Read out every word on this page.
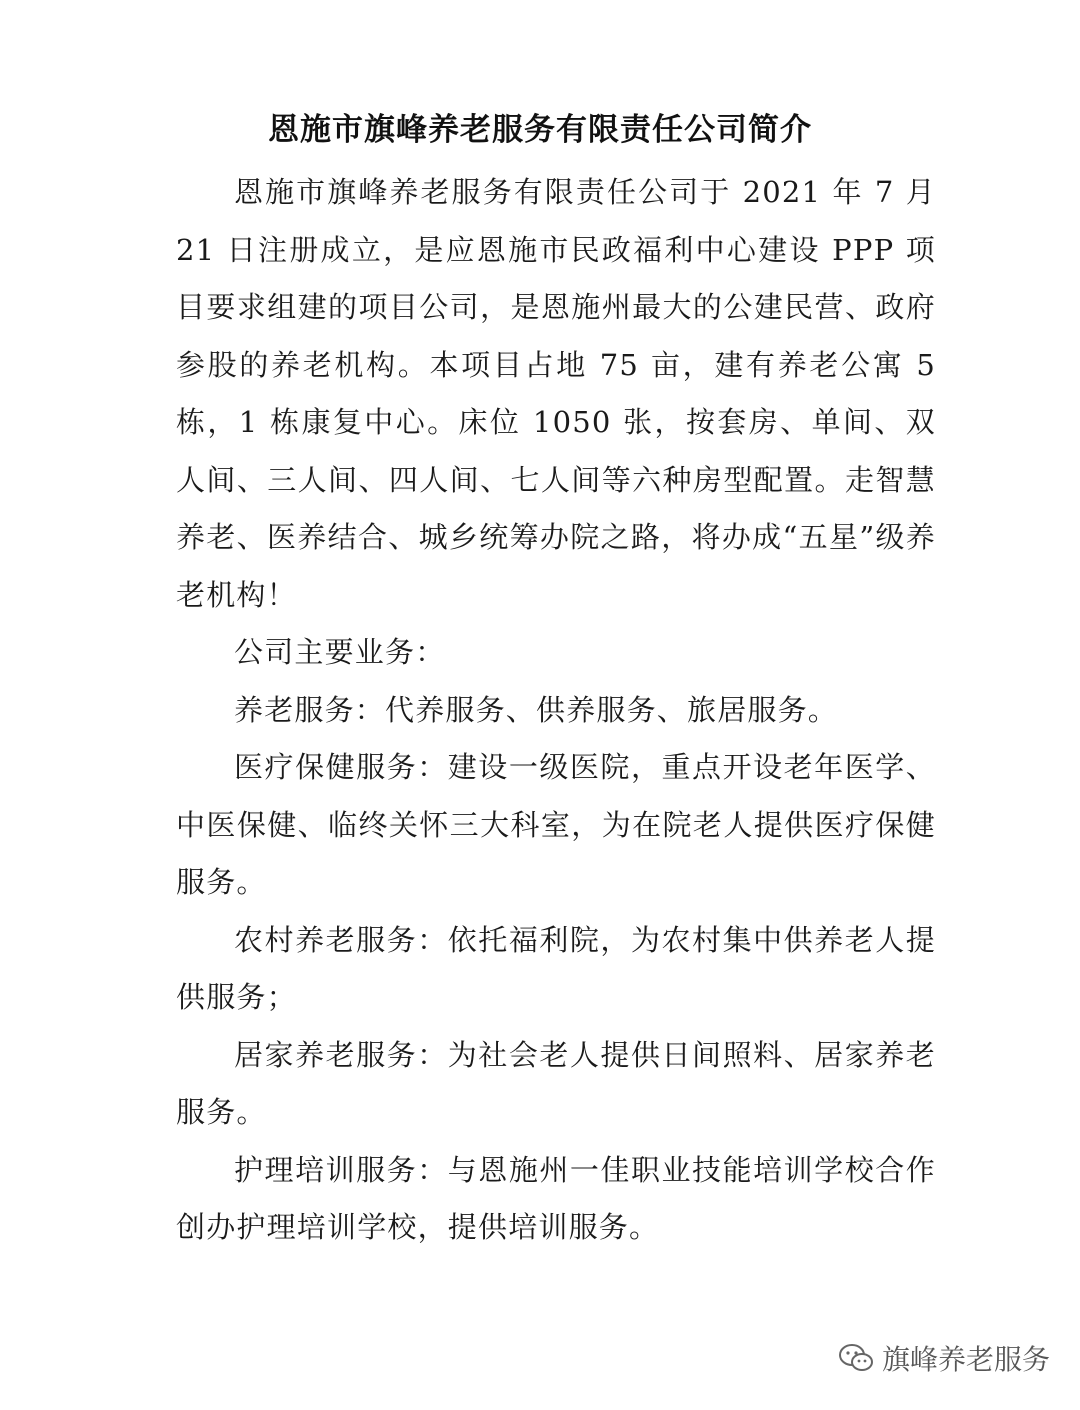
恩施市旗峰养老服务有限责任公司简介

恩施市旗峰养老服务有限责任公司于 2021 年 7 月 21 日注册成立，是应恩施市民政福利中心建设 PPP 项目要求组建的项目公司，是恩施州最大的公建民营、政府参股的养老机构。本项目占地 75 亩，建有养老公寓 5 栋，1 栋康复中心。床位 1050 张，按套房、单间、双人间、三人间、四人间、七人间等六种房型配置。走智慧养老、医养结合、城乡统筹办院之路，将办成“五星”级养老机构！

公司主要业务：

养老服务：代养服务、供养服务、旅居服务。

医疗保健服务：建设一级医院，重点开设老年医学、中医保健、临终关怀三大科室，为在院老人提供医疗保健服务。

农村养老服务：依托福利院，为农村集中供养老人提供服务；

居家养老服务：为社会老人提供日间照料、居家养老服务。

护理培训服务：与恩施州一佳职业技能培训学校合作创办护理培训学校，提供培训服务。

旗峰养老服务
